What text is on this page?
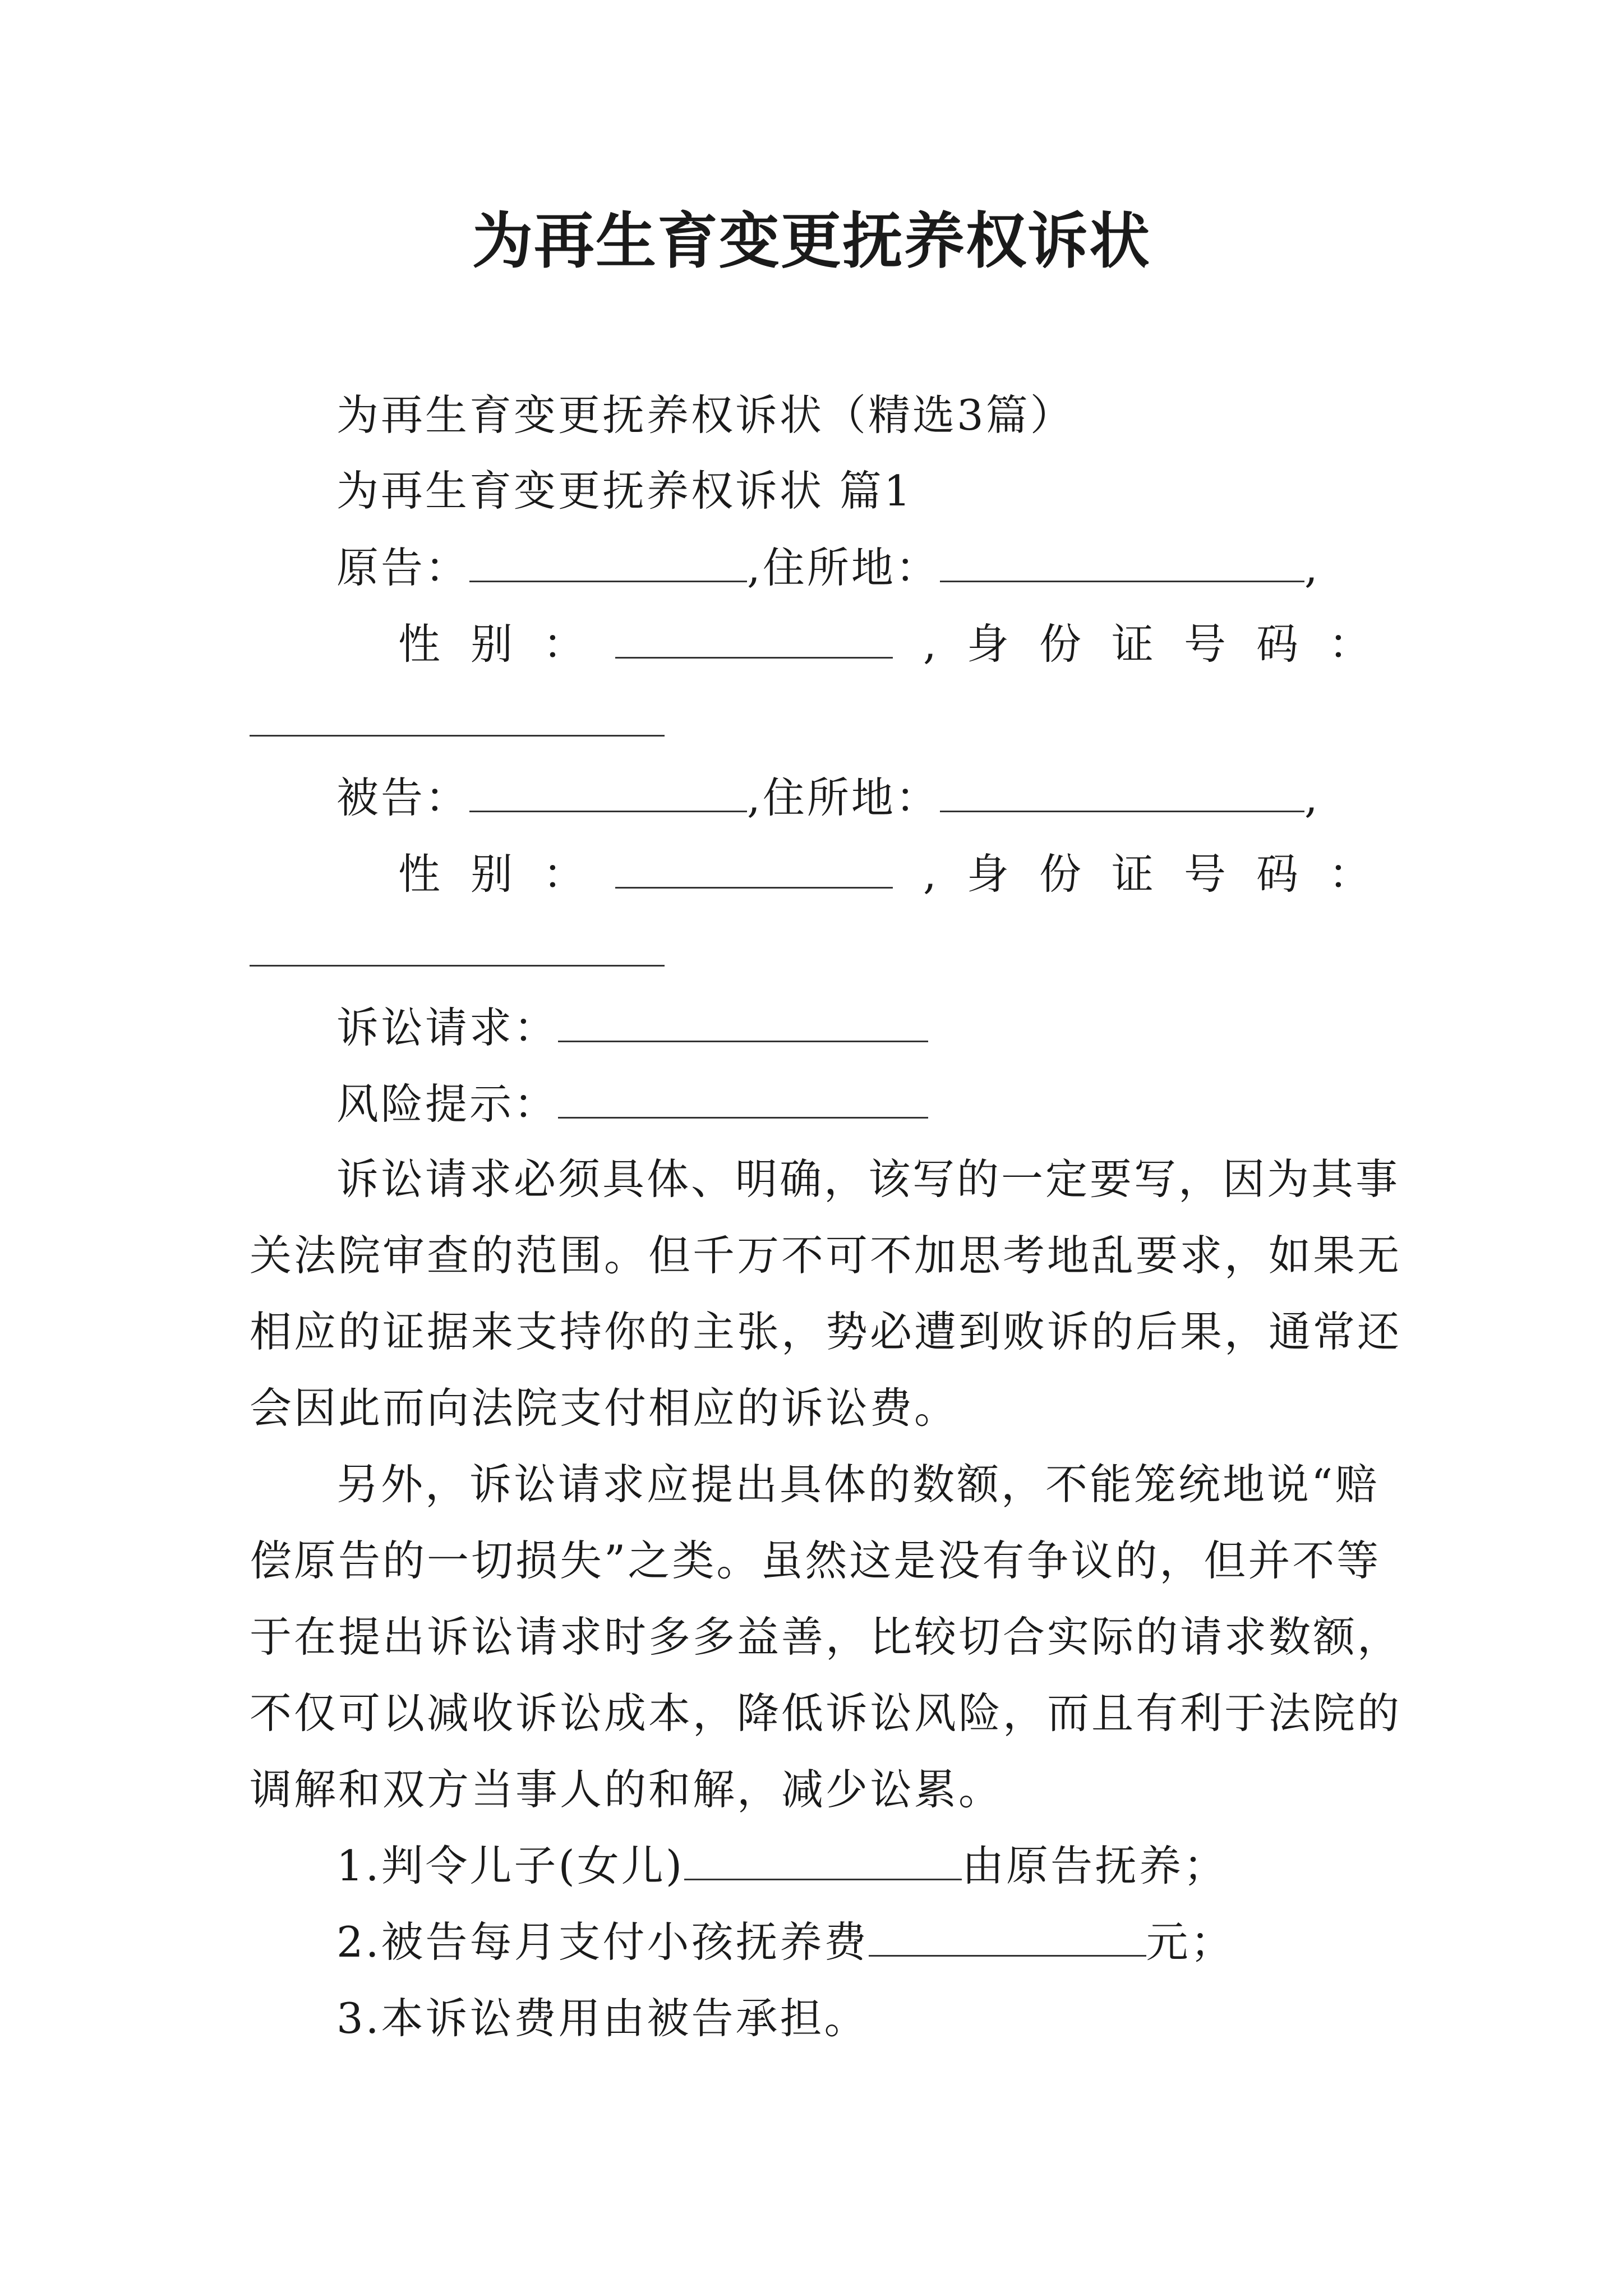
为再生育变更抚养权诉状
为再生育变更抚养权诉状（精选3篇）
为再生育变更抚养权诉状 篇1
原告：	,住所地：	,
性 别 ：	, 身 份 证 号 码 ：
被告：	,住所地：	,
性 别 ：	, 身 份 证 号 码 ：
诉讼请求：
风险提示：
诉讼请求必须具体、明确，该写的一定要写，因为其事
关法院审查的范围。但千万不可不加思考地乱要求，如果无
相应的证据来支持你的主张，势必遭到败诉的后果，通常还
会因此而向法院支付相应的诉讼费。
另外，诉讼请求应提出具体的数额，不能笼统地说“赔
偿原告的一切损失”之类。虽然这是没有争议的，但并不等
于在提出诉讼请求时多多益善，比较切合实际的请求数额，
不仅可以减收诉讼成本，降低诉讼风险，而且有利于法院的
调解和双方当事人的和解，减少讼累。
1.判令儿子(女儿)	由原告抚养；
2.被告每月支付小孩抚养费	元；
3.本诉讼费用由被告承担。
